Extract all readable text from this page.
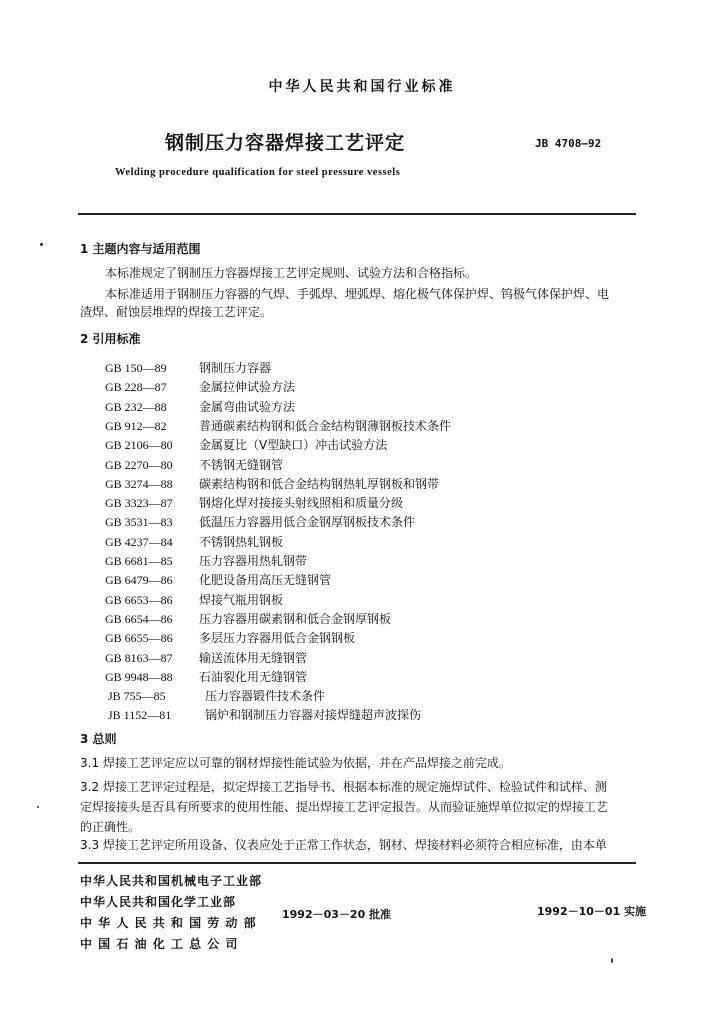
中华人民共和国行业标准
钢制压力容器焊接工艺评定	JB 4708—92
Welding procedure qualification for steel pressure vessels
1 主题内容与适用范围
本标准规定了钢制压力容器焊接工艺评定规则、试验方法和合格指标。
本标准适用于钢制压力容器的气焊、手弧焊、埋弧焊、熔化极气体保护焊、钨极气体保护焊、电
渣焊、耐蚀层堆焊的焊接工艺评定。
2 引用标准
GB 150—89	钢制压力容器
GB 228—87	金属拉伸试验方法
GB 232—88	金属弯曲试验方法
GB 912—82	普通碳素结构钢和低合金结构钢薄钢板技术条件
GB 2106—80 金属夏比（V型缺口）冲击试验方法
GB 2270—80 不锈钢无缝钢管
GB 3274—88 碳素结构钢和低合金结构钢热轧厚钢板和钢带
GB 3323—87 钢熔化焊对接接头射线照相和质量分级
GB 3531—83 低温压力容器用低合金钢厚钢板技术条件
GB 4237—84 不锈钢热轧钢板
GB 6681—85 压力容器用热轧钢带
GB 6479—86 化肥设备用高压无缝钢管
GB 6653—86 焊接气瓶用钢板
GB 6654—86 压力容器用碳素钢和低合金钢厚钢板
GB 6655—86 多层压力容器用低合金钢钢板
GB 8163—87 输送流体用无缝钢管
GB 9948—88 石油裂化用无缝钢管
JB 755—85	压力容器锻件技术条件
JB 1152—81	锅炉和钢制压力容器对接焊缝超声波探伤
3 总则
3.1 焊接工艺评定应以可靠的钢材焊接性能试验为依据，并在产品焊接之前完成。
3.2 焊接工艺评定过程是，拟定焊接工艺指导书、根据本标准的规定施焊试件、检验试件和试样、测
定焊接接头是否具有所要求的使用性能、提出焊接工艺评定报告。从而验证施焊单位拟定的焊接工艺
的正确性。
3.3 焊接工艺评定所用设备、仪表应处于正常工作状态，钢材、焊接材料必须符合相应标准，由本单
中华人民共和国机械电子工业部
中华人民共和国化学工业部
中 华 人 民 共 和 国 劳 动 部
中 国 石 油 化 工 总 公 司
1992－03－20 批准	1992－10－01 实施
